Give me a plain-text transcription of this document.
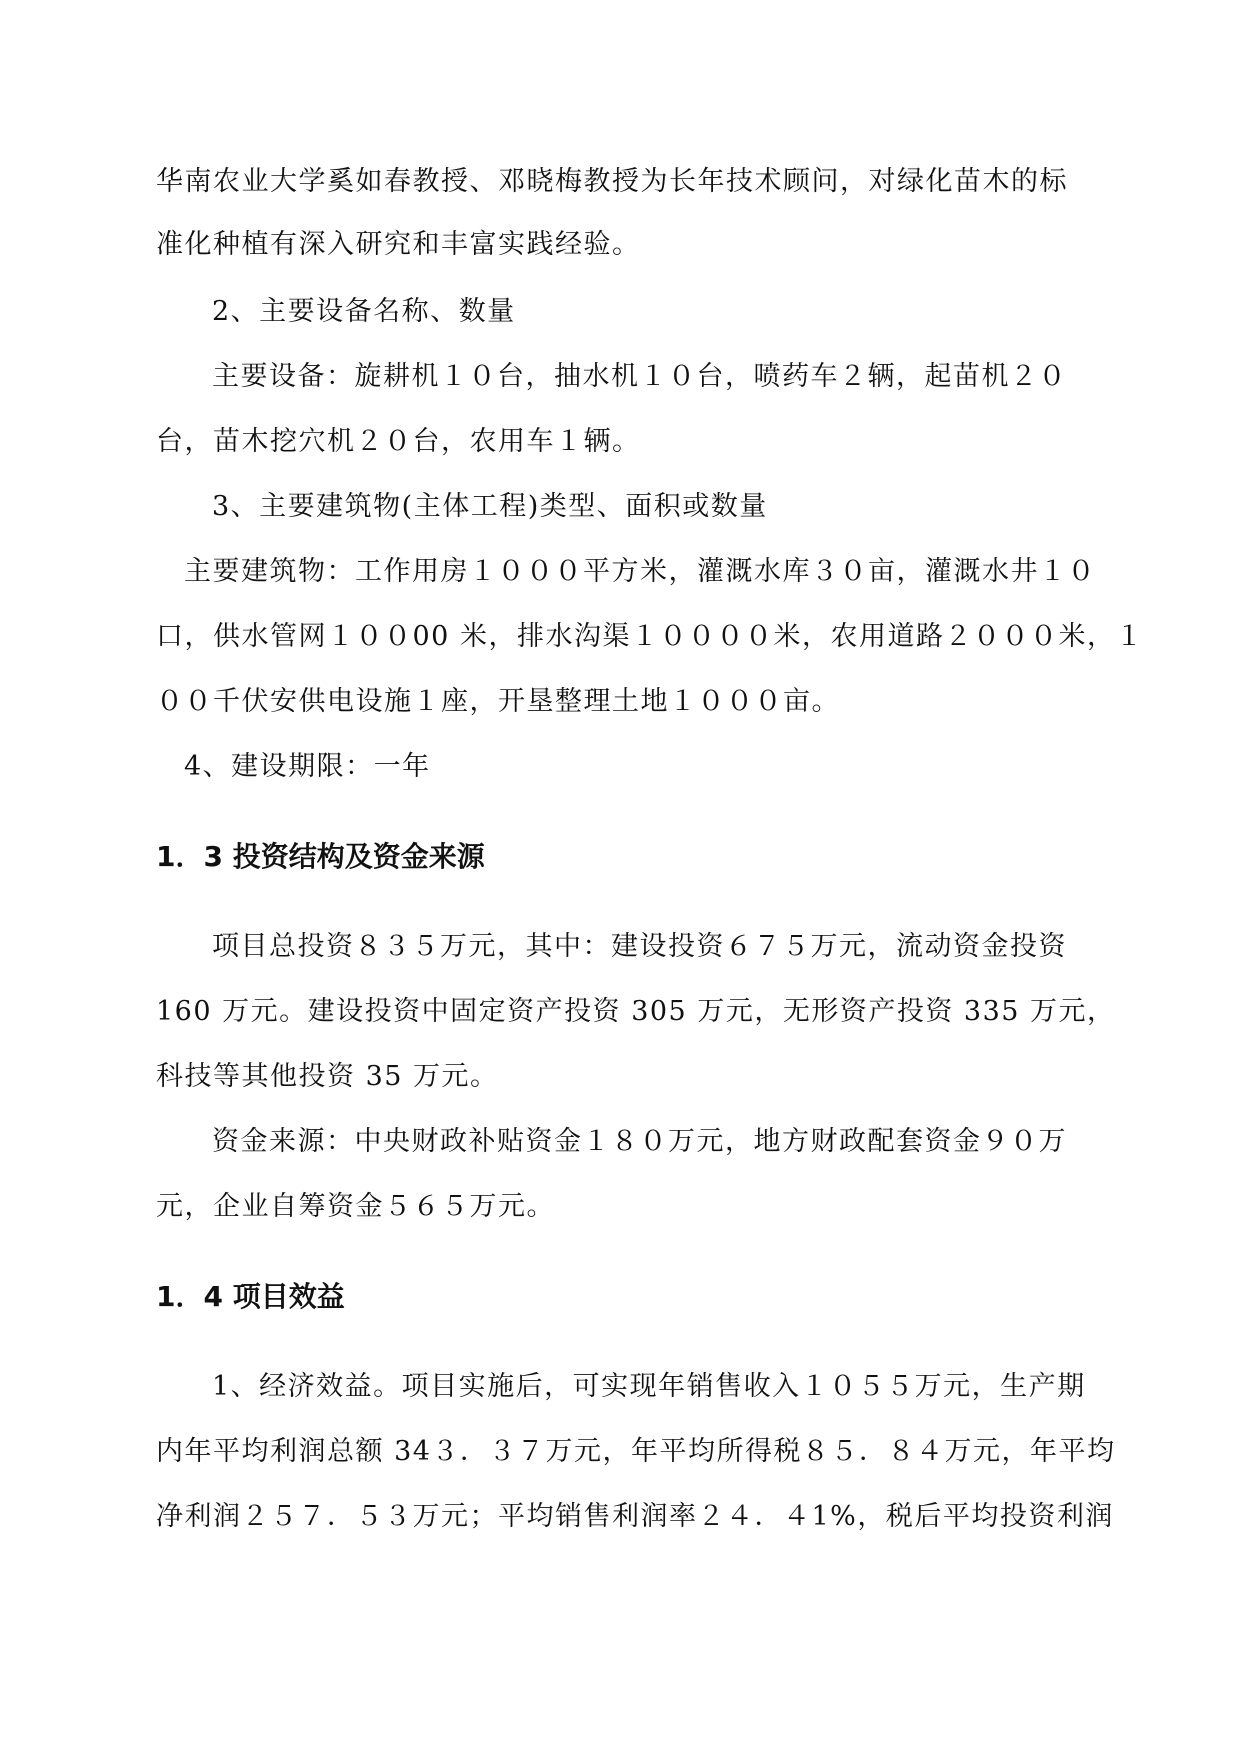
华南农业大学奚如春教授、邓晓梅教授为长年技术顾问，对绿化苗木的标
准化种植有深入研究和丰富实践经验。
2、主要设备名称、数量
主要设备：旋耕机１０台，抽水机１０台，喷药车２辆，起苗机２０
台，苗木挖穴机２０台，农用车１辆。
3、主要建筑物(主体工程)类型、面积或数量
主要建筑物：工作用房１０００平方米，灌溉水库３０亩，灌溉水井１０
口，供水管网１００00 米，排水沟渠１００００米，农用道路２０００米，１
００千伏安供电设施１座，开垦整理土地１０００亩。
4、建设期限：一年
1．3 投资结构及资金来源
项目总投资８３５万元，其中：建设投资６７５万元，流动资金投资
160 万元。建设投资中固定资产投资 305 万元，无形资产投资 335 万元，
科技等其他投资 35 万元。
资金来源：中央财政补贴资金１８０万元，地方财政配套资金９０万
元，企业自筹资金５６５万元。
1．4 项目效益
1、经济效益。项目实施后，可实现年销售收入１０５５万元，生产期
内年平均利润总额 34３．３７万元，年平均所得税８５．８４万元，年平均
净利润２５７．５３万元；平均销售利润率２４．４1%，税后平均投资利润
